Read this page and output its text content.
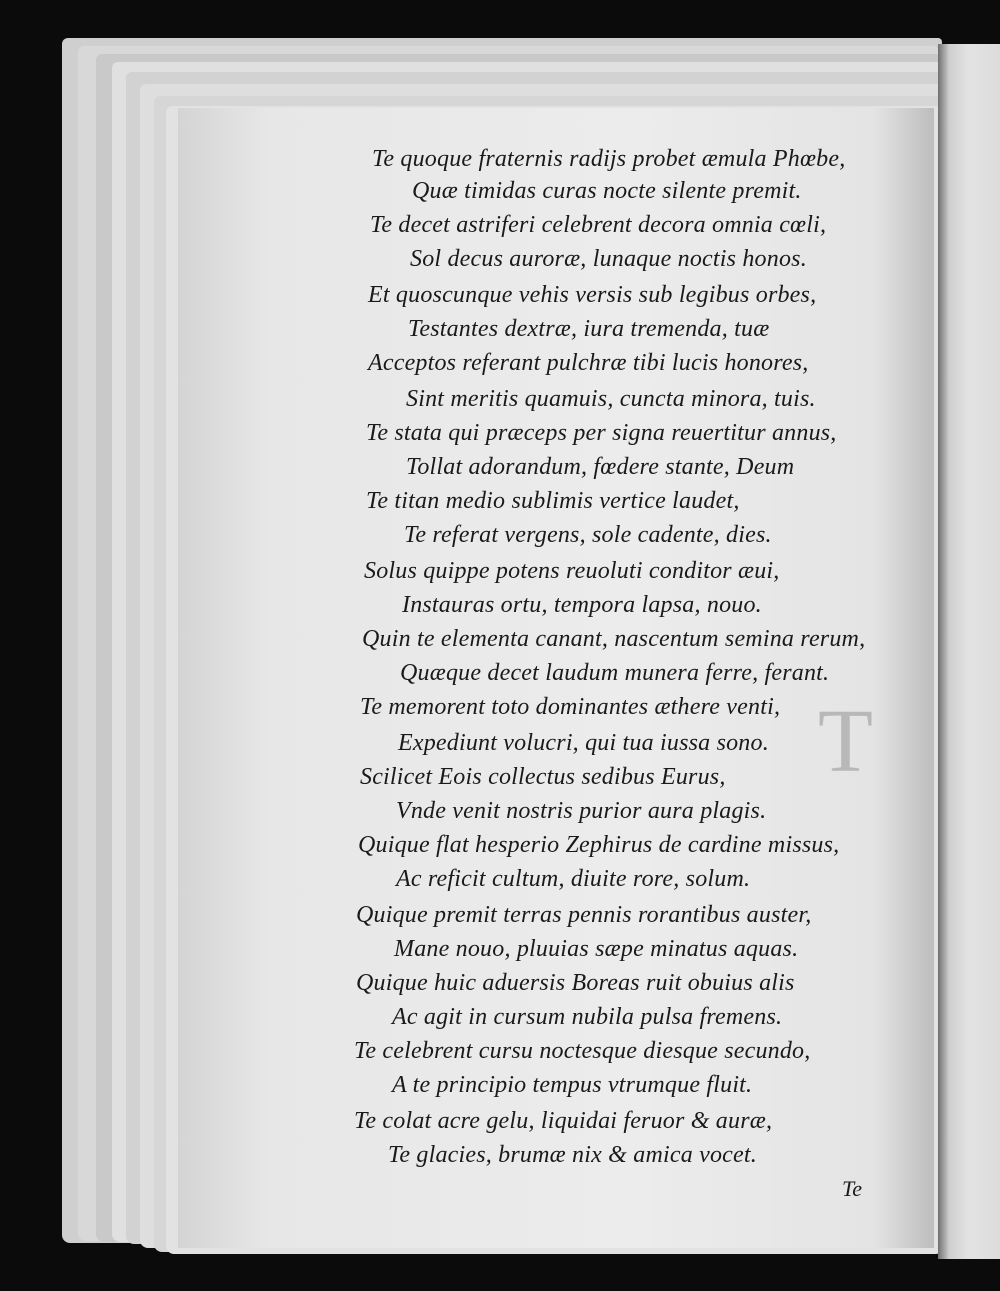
T
Te quoque fraternis radijs probet æmula Phœbe,
Quæ timidas curas nocte silente premit.
Te decet astriferi celebrent decora omnia cœli,
Sol decus auroræ, lunaque noctis honos.
Et quoscunque vehis versis sub legibus orbes,
Testantes dextræ, iura tremenda, tuæ
Acceptos referant pulchræ tibi lucis honores,
Sint meritis quamuis, cuncta minora, tuis.
Te stata qui præceps per signa reuertitur annus,
Tollat adorandum, fœdere stante, Deum
Te titan medio sublimis vertice laudet,
Te referat vergens, sole cadente, dies.
Solus quippe potens reuoluti conditor æui,
Instauras ortu, tempora lapsa, nouo.
Quin te elementa canant, nascentum semina rerum,
Quæque decet laudum munera ferre, ferant.
Te memorent toto dominantes æthere venti,
Expediunt volucri, qui tua iussa sono.
Scilicet Eois collectus sedibus Eurus,
Vnde venit nostris purior aura plagis.
Quique flat hesperio Zephirus de cardine missus,
Ac reficit cultum, diuite rore, solum.
Quique premit terras pennis rorantibus auster,
Mane nouo, pluuias sæpe minatus aquas.
Quique huic aduersis Boreas ruit obuius alis
Ac agit in cursum nubila pulsa fremens.
Te celebrent cursu noctesque diesque secundo,
A te principio tempus vtrumque fluit.
Te colat acre gelu, liquidai feruor & auræ,
Te glacies, brumæ nix & amica vocet.
Te
